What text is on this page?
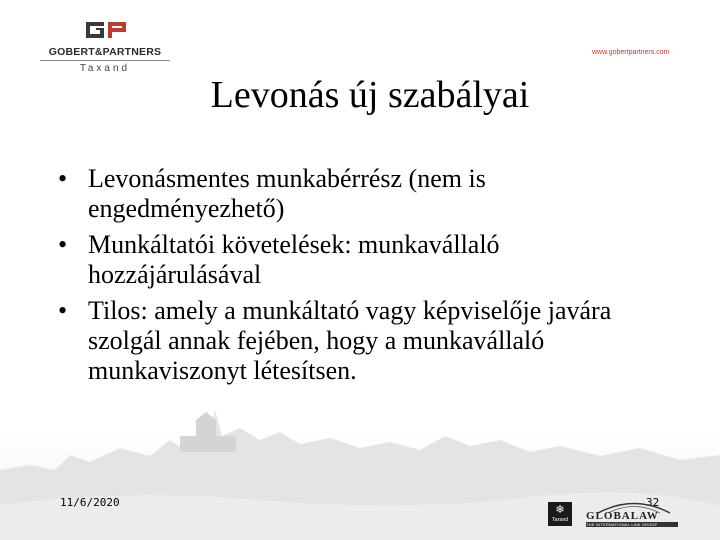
GOBERT&PARTNERS
Taxand
www.gobertpartners.com
Levonás új szabályai
• Levonásmentes munkabérrész (nem is engedményezhető)
• Munkáltatói követelések: munkavállaló hozzájárulásával
• Tilos: amely a munkáltató vagy képviselője javára szolgál annak fejében, hogy a munkavállaló munkaviszonyt létesítsen.
11/6/2020	32
❄
Taxand	GLOBALAW
THE INTERNATIONAL LAW GROUP
